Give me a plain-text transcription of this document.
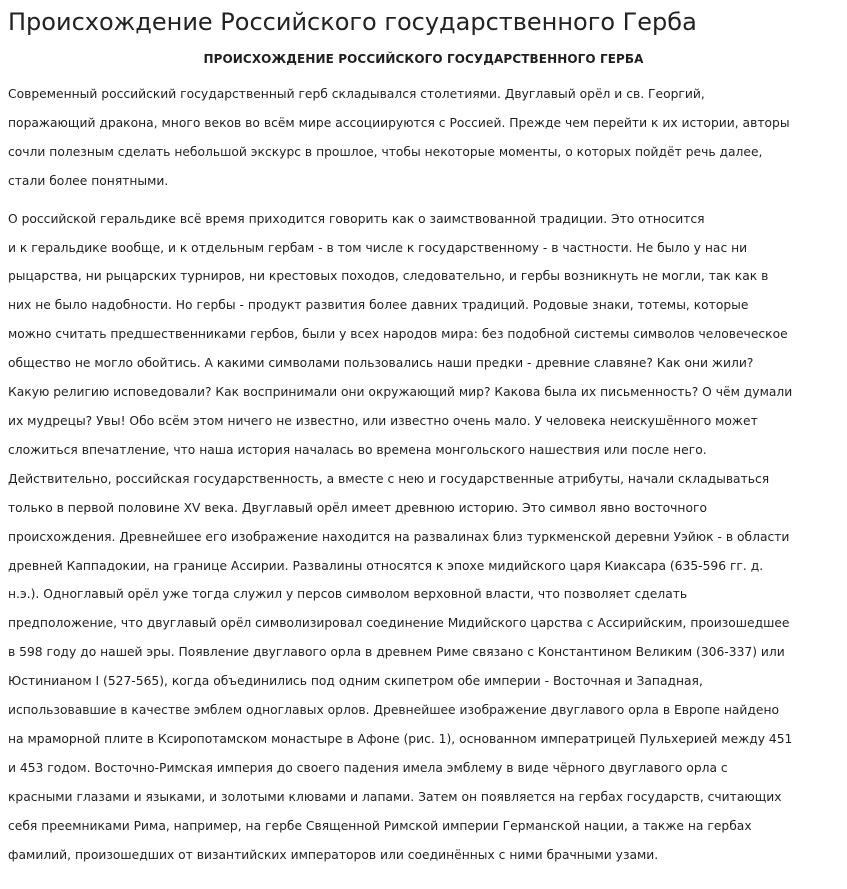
Происхождение Российского государственного Герба
ПРОИСХОЖДЕНИЕ РОССИЙСКОГО ГОСУДАРСТВЕННОГО ГЕРБА

Современный российский государственный герб складывался столетиями. Двуглавый орёл и св. Георгий,
поражающий дракона, много веков во всём мире ассоциируются с Россией. Прежде чем перейти к их истории, авторы
сочли полезным сделать небольшой экскурс в прошлое, чтобы некоторые моменты, о которых пойдёт речь далее,
стали более понятными.

О российской геральдике всё время приходится говорить как о заимствованной традиции. Это относится
и к геральдике вообще, и к отдельным гербам - в том числе к государственному - в частности. Не было у нас ни
рыцарства, ни рыцарских турниров, ни крестовых походов, следовательно, и гербы возникнуть не могли, так как в
них не было надобности. Но гербы - продукт развития более давних традиций. Родовые знаки, тотемы, которые
можно считать предшественниками гербов, были у всех народов мира: без подобной системы символов человеческое
общество не могло обойтись. А какими символами пользовались наши предки - древние славяне? Как они жили?
Какую религию исповедовали? Как воспринимали они окружающий мир? Какова была их письменность? О чём думали
их мудрецы? Увы! Обо всём этом ничего не известно, или известно очень мало. У человека неискушённого может
сложиться впечатление, что наша история началась во времена монгольского нашествия или после него.
Действительно, российская государственность, а вместе с нею и государственные атрибуты, начали складываться
только в первой половине XV века. Двуглавый орёл имеет древнюю историю. Это символ явно восточного
происхождения. Древнейшее его изображение находится на развалинах близ туркменской деревни Уэйюк - в области
древней Каппадокии, на границе Ассирии. Развалины относятся к эпохе мидийского царя Киаксара (635-596 гг. д.
н.э.). Одноглавый орёл уже тогда служил у персов символом верховной власти, что позволяет сделать
предположение, что двуглавый орёл символизировал соединение Мидийского царства с Ассирийским, произошедшее
в 598 году до нашей эры. Появление двуглавого орла в древнем Риме связано с Константином Великим (306-337) или
Юстинианом I (527-565), когда объединились под одним скипетром обе империи - Восточная и Западная,
использовавшие в качестве эмблем одноглавых орлов. Древнейшее изображение двуглавого орла в Европе найдено
на мраморной плите в Ксиропотамском монастыре в Афоне (рис. 1), основанном императрицей Пульхерией между 451
и 453 годом. Восточно-Римская империя до своего падения имела эмблему в виде чёрного двуглавого орла с
красными глазами и языками, и золотыми клювами и лапами. Затем он появляется на гербах государств, считающих
себя преемниками Рима, например, на гербе Священной Римской империи Германской нации, а также на гербах
фамилий, произошедших от византийских императоров или соединённых с ними брачными узами.
